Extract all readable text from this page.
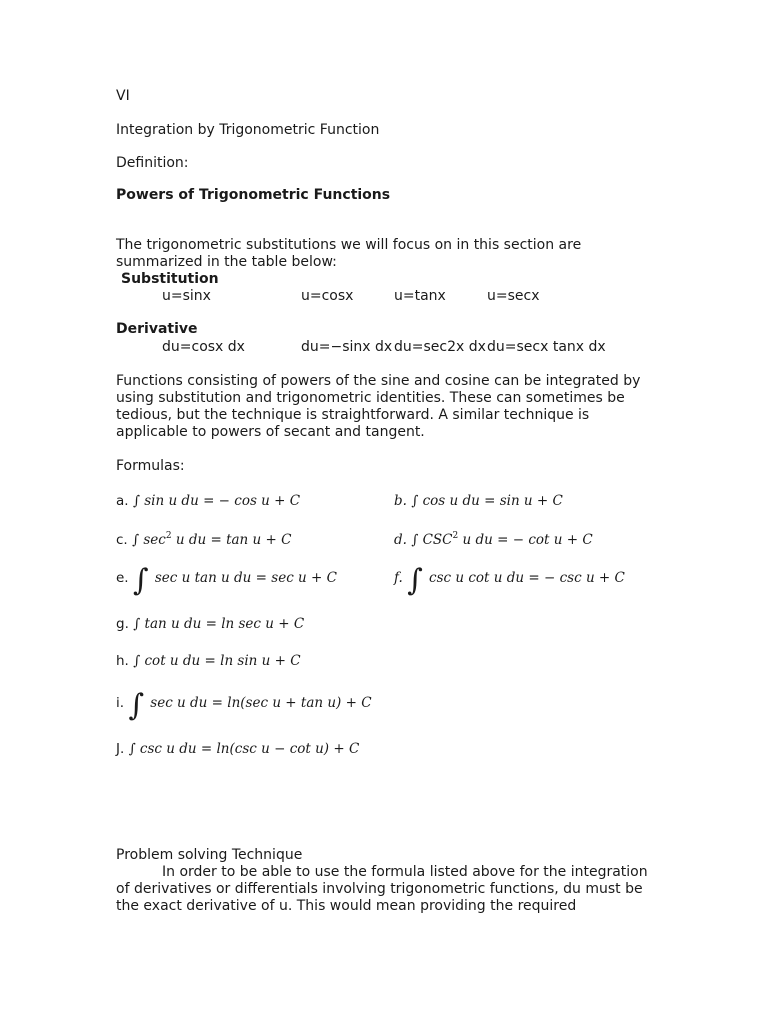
VI
Integration by Trigonometric Function
Definition:
Powers of Trigonometric Functions
The trigonometric substitutions we will focus on in this section are
summarized in the table below:
Substitution
u=sinx	u=cosx	u=tanx	u=secx
Derivative
du=cosx dx	du=−sinx dx du=sec2x dx du=secx tanx dx
Functions consisting of powers of the sine and cosine can be integrated by
using substitution and trigonometric identities. These can sometimes be
tedious, but the technique is straightforward. A similar technique is
applicable to powers of secant and tangent.
Formulas:
a. ∫ sin u du = − cos u + C	b. ∫ cos u du = sin u + C
c. ∫ $\sec^2 u$ du = tan u + C	d. ∫ CSC$^2$ u du = − cot u + C
e. ∫ sec u tan u du = sec u + C	f. ∫ csc u cot u du = − csc u + C
g. ∫ tan u du = ln sec u + C
h. ∫ cot u du = ln sin u + C
i. ∫ sec u du = ln(sec u + tan u) + C
J. ∫ csc u du = ln(csc u − cot u) + C
Problem solving Technique
In order to be able to use the formula listed above for the integration
of derivatives or differentials involving trigonometric functions, du must be
the exact derivative of u. This would mean providing the required
